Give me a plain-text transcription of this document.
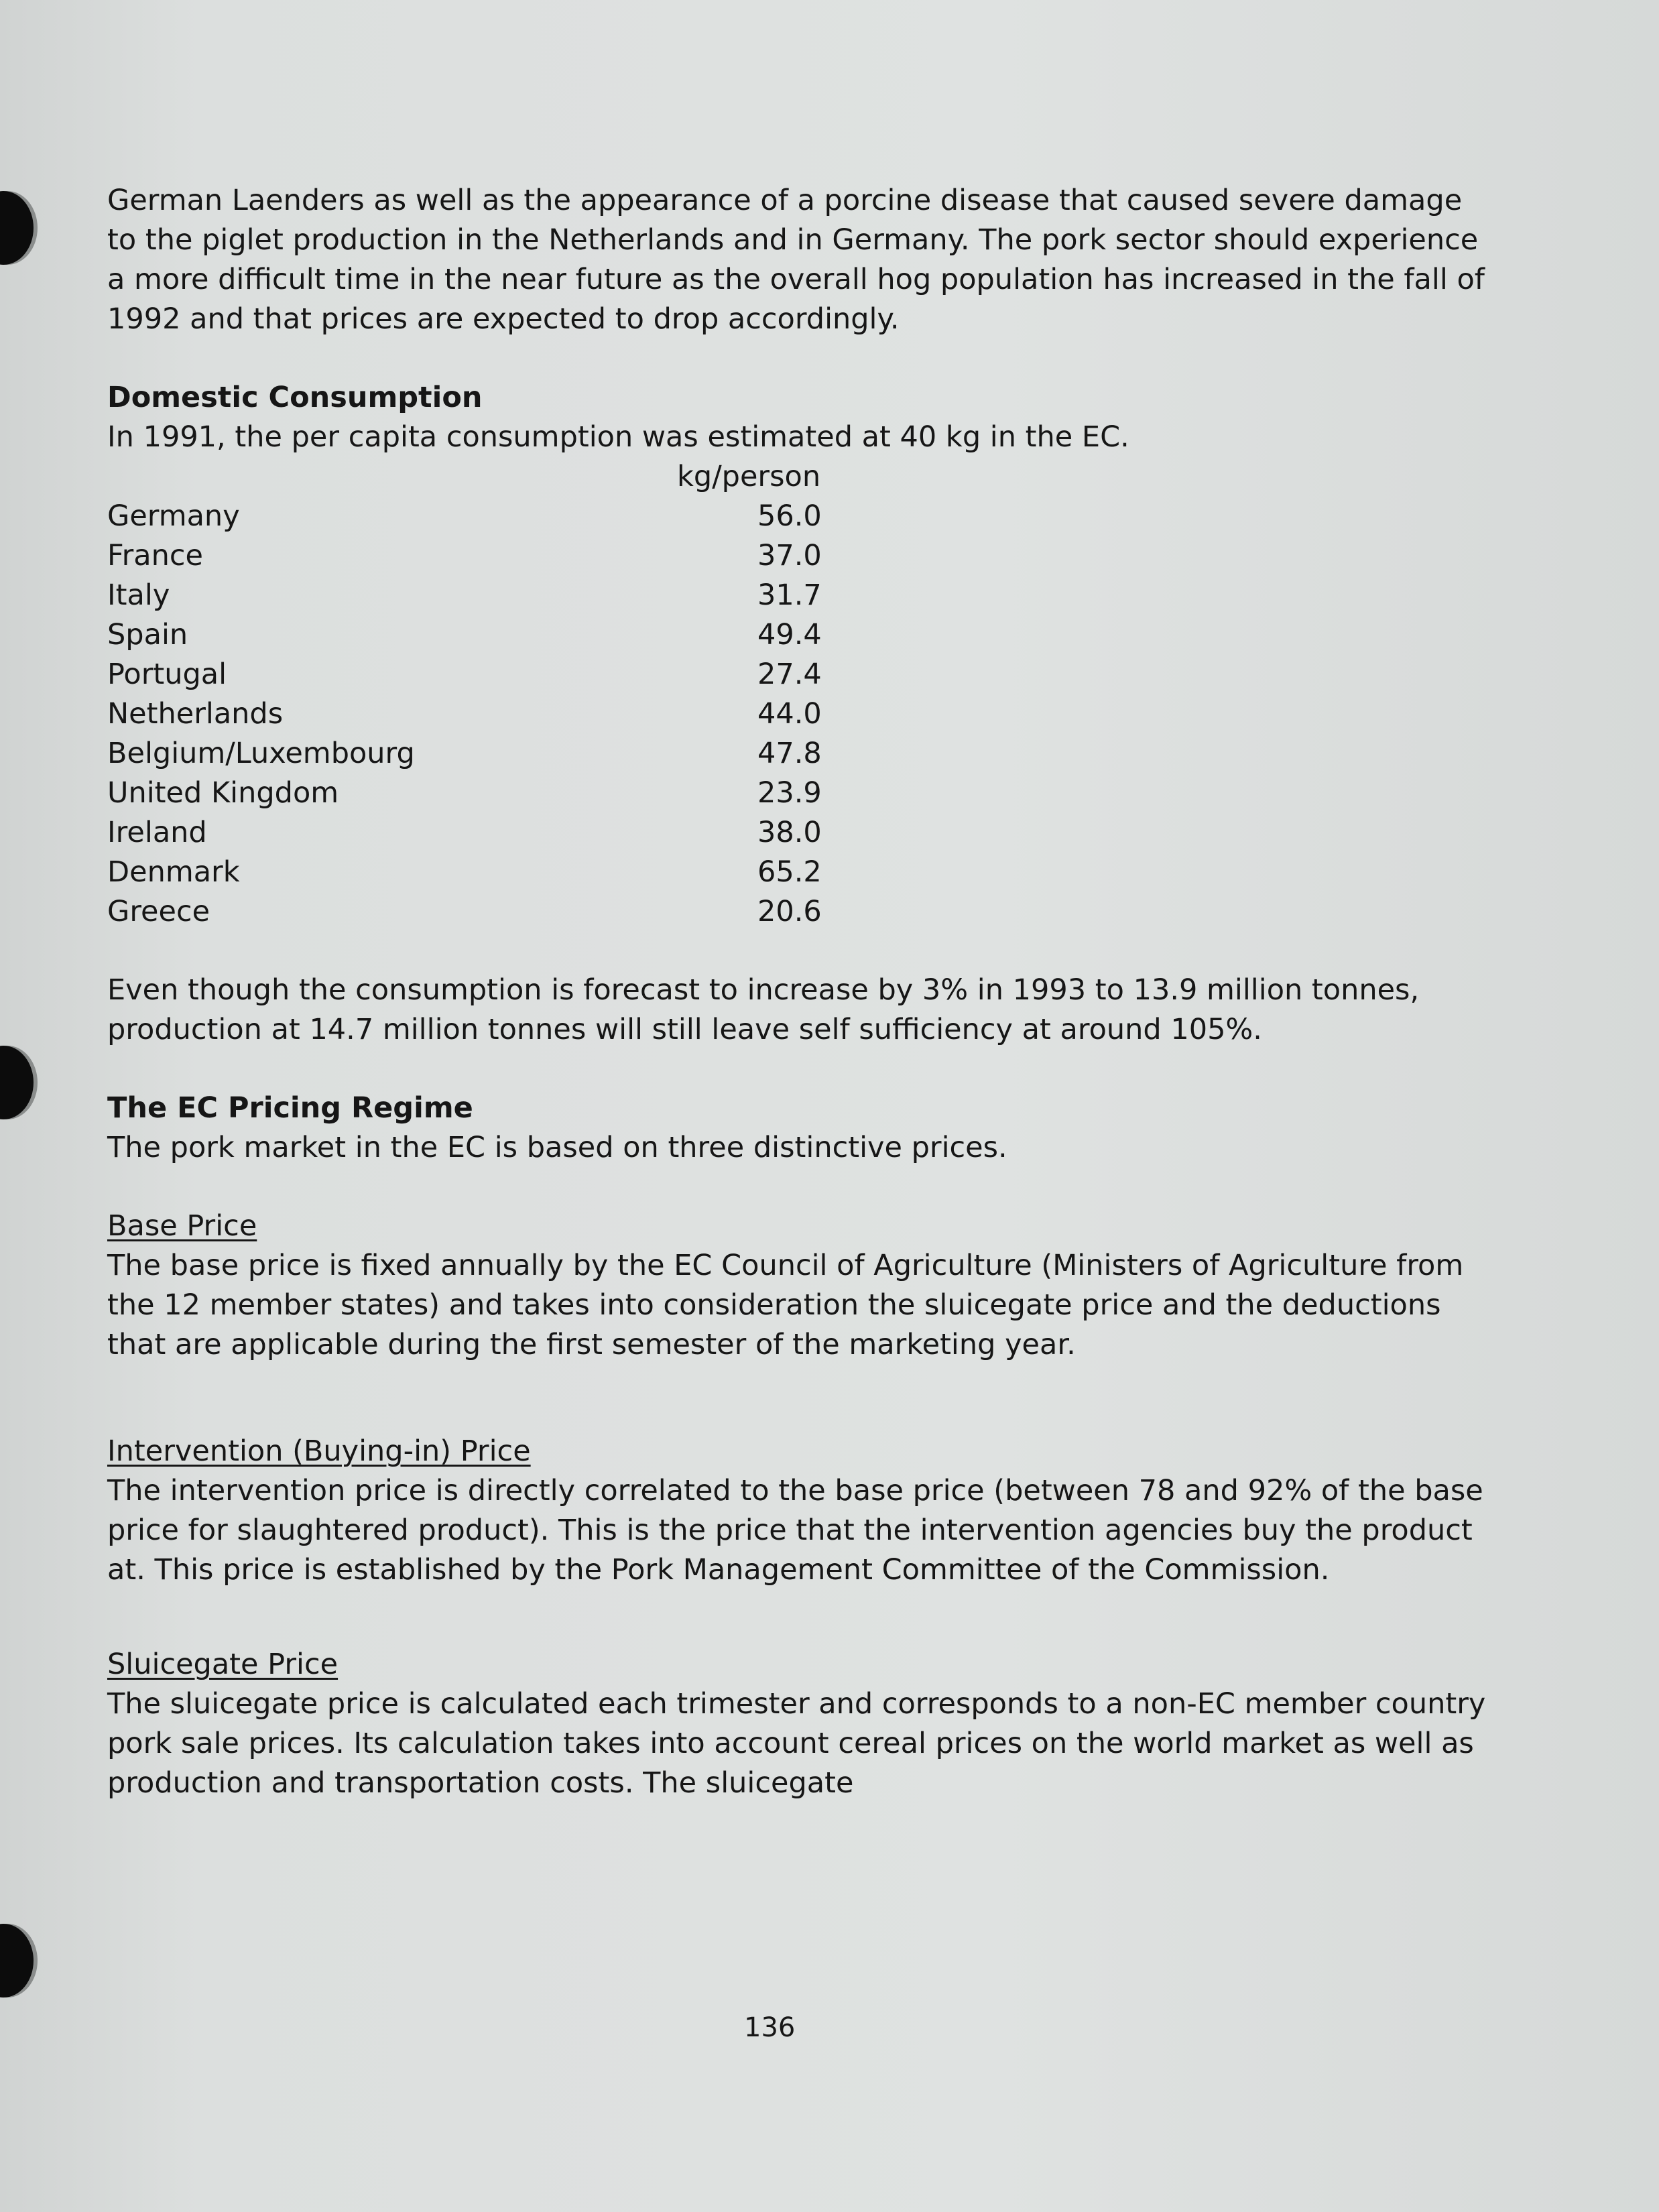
German Laenders as well as the appearance of a porcine disease that caused severe damage to the piglet production in the Netherlands and in Germany. The pork sector should experience a more difficult time in the near future as the overall hog population has increased in the fall of 1992 and that prices are expected to drop accordingly.

Domestic Consumption

In 1991, the per capita consumption was estimated at 40 kg in the EC.

kg/person
Germany	56.0
France	37.0
Italy	31.7
Spain	49.4
Portugal	27.4
Netherlands	44.0
Belgium/Luxembourg	47.8
United Kingdom	23.9
Ireland	38.0
Denmark	65.2
Greece	20.6

Even though the consumption is forecast to increase by 3% in 1993 to 13.9 million tonnes, production at 14.7 million tonnes will still leave self sufficiency at around 105%.

The EC Pricing Regime

The pork market in the EC is based on three distinctive prices.

Base Price

The base price is fixed annually by the EC Council of Agriculture (Ministers of Agriculture from the 12 member states) and takes into consideration the sluicegate price and the deductions that are applicable during the first semester of the marketing year.

Intervention (Buying-in) Price

The intervention price is directly correlated to the base price (between 78 and 92% of the base price for slaughtered product). This is the price that the intervention agencies buy the product at. This price is established by the Pork Management Committee of the Commission.

Sluicegate Price

The sluicegate price is calculated each trimester and corresponds to a non-EC member country pork sale prices. Its calculation takes into account cereal prices on the world market as well as production and transportation costs. The sluicegate

136
